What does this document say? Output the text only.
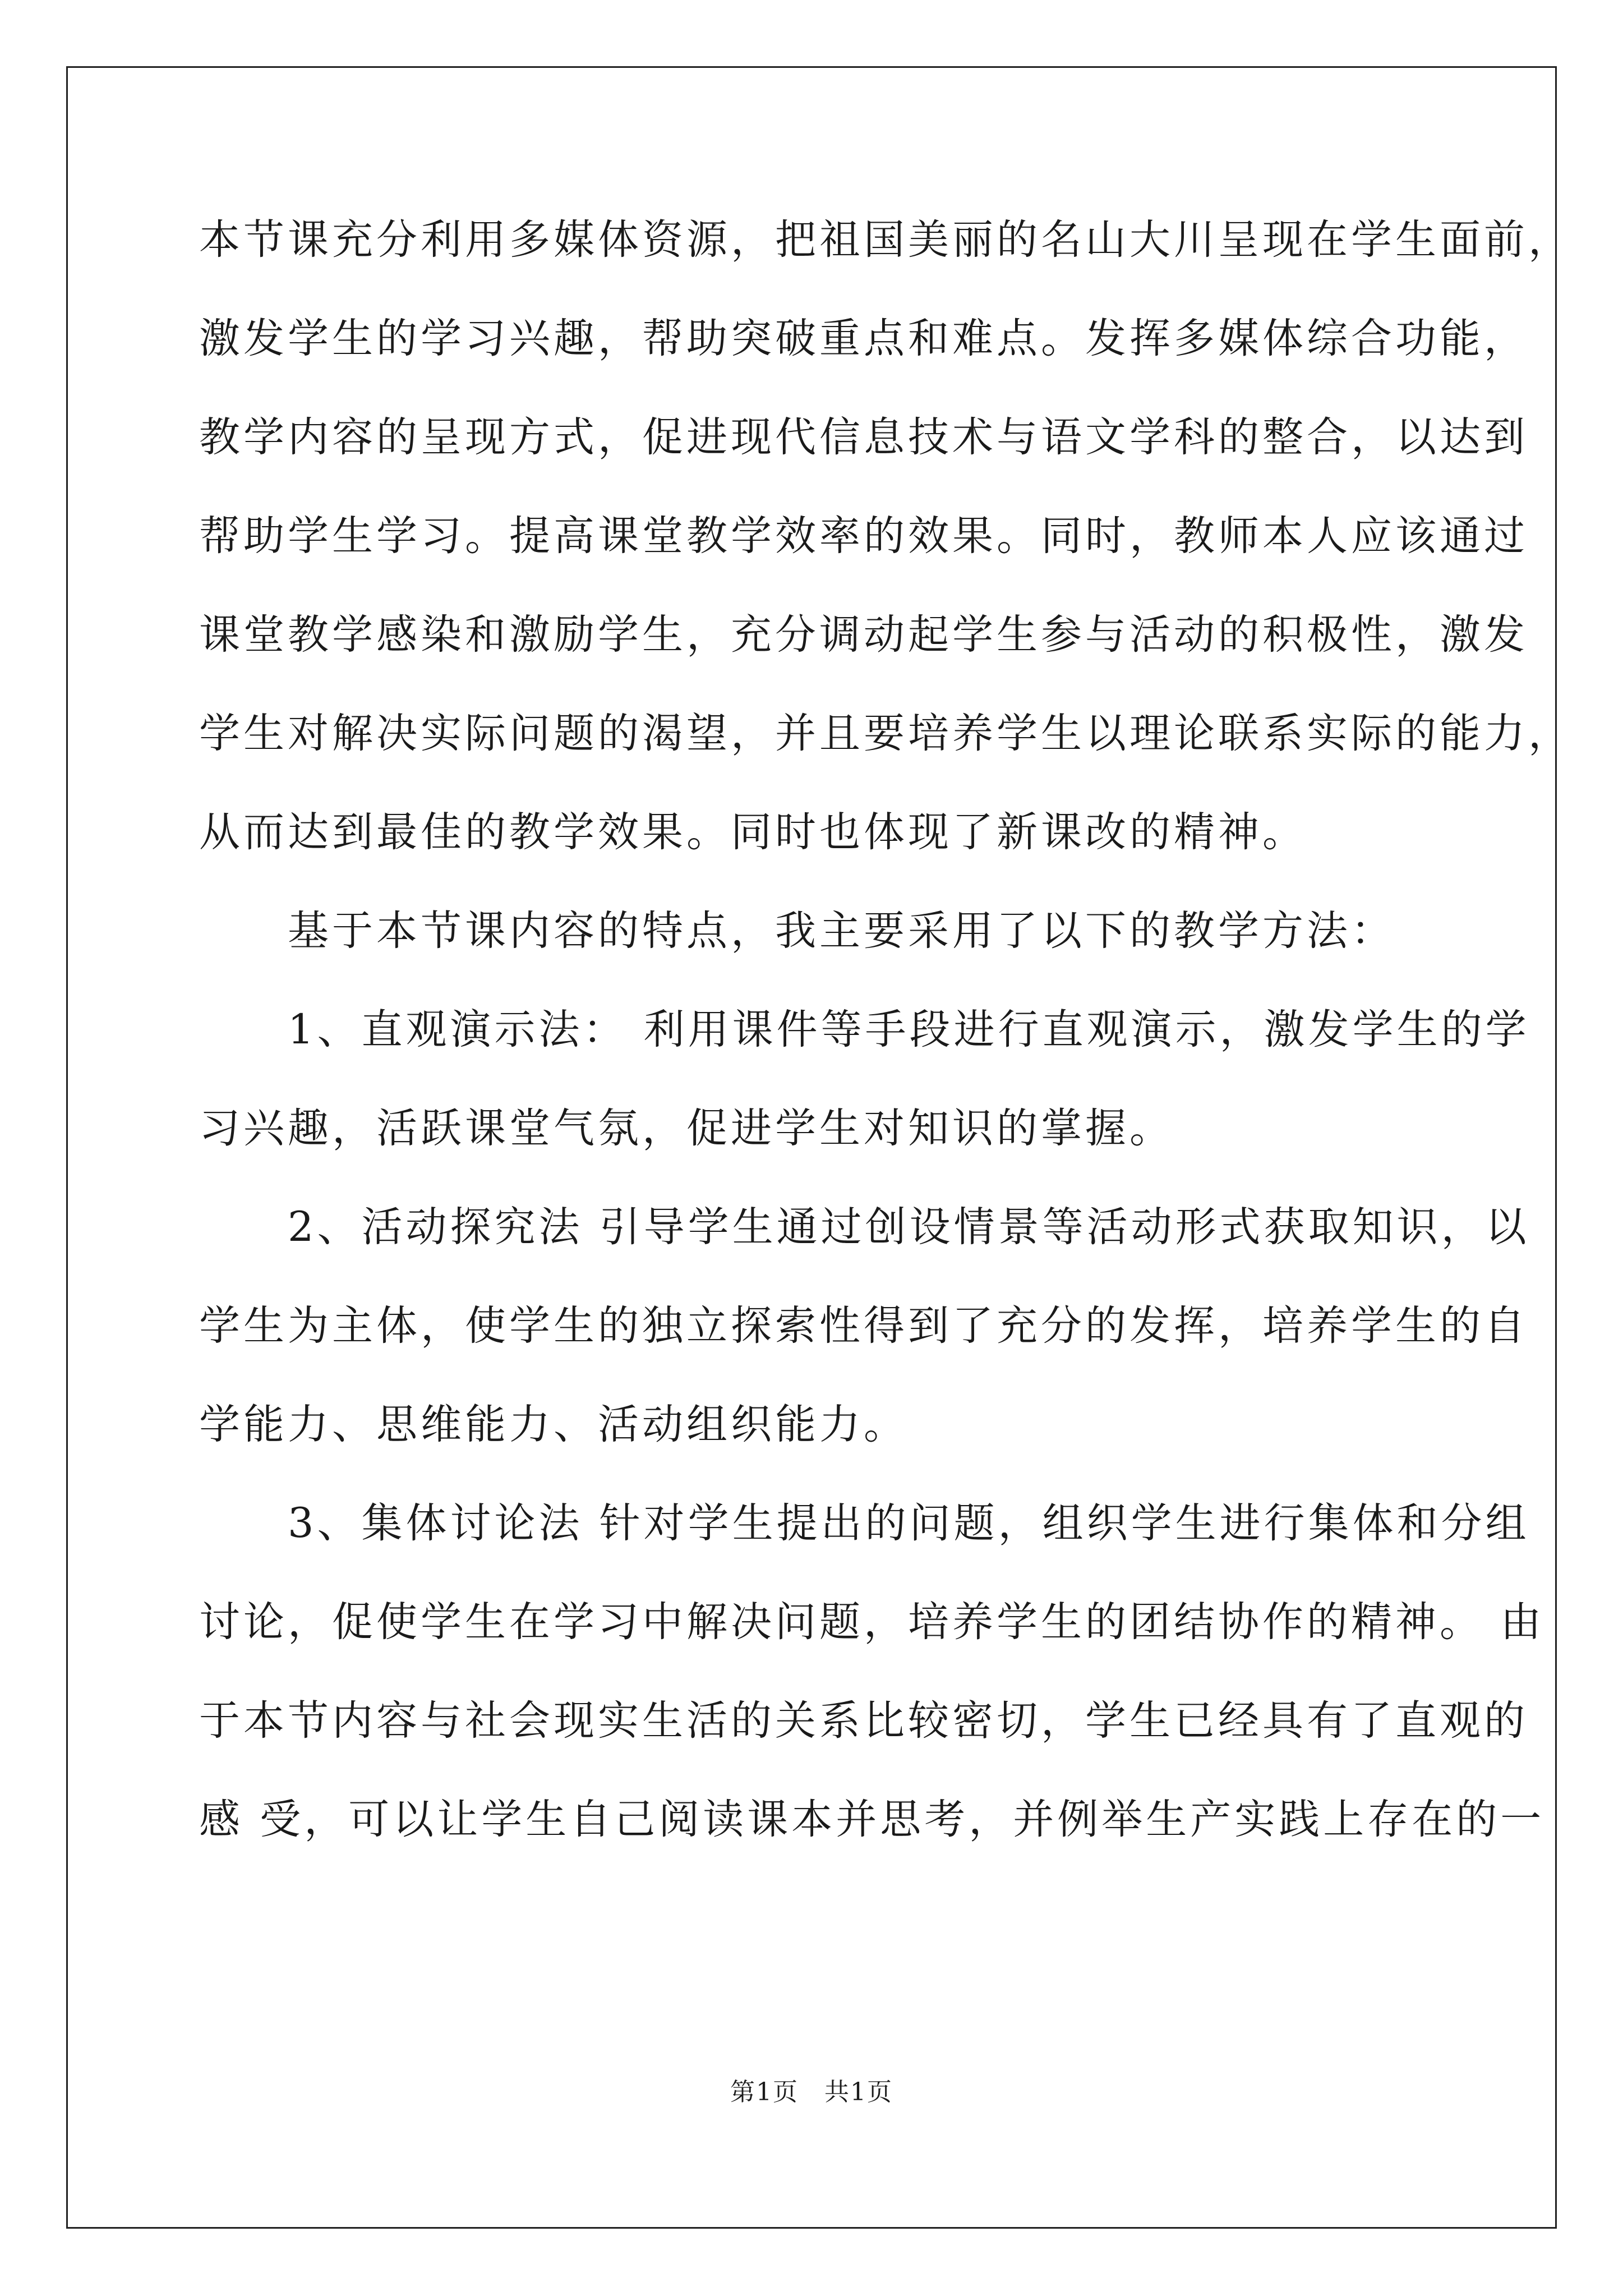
本节课充分利用多媒体资源，把祖国美丽的名山大川呈现在学生面前，
激发学生的学习兴趣，帮助突破重点和难点。发挥多媒体综合功能，
教学内容的呈现方式，促进现代信息技术与语文学科的整合，以达到
帮助学生学习。提高课堂教学效率的效果。同时，教师本人应该通过
课堂教学感染和激励学生，充分调动起学生参与活动的积极性，激发
学生对解决实际问题的渴望，并且要培养学生以理论联系实际的能力，
从而达到最佳的教学效果。同时也体现了新课改的精神。
　　基于本节课内容的特点，我主要采用了以下的教学方法：
　　1、直观演示法： 利用课件等手段进行直观演示，激发学生的学
习兴趣，活跃课堂气氛，促进学生对知识的掌握。
　　2、活动探究法 引导学生通过创设情景等活动形式获取知识，以
学生为主体，使学生的独立探索性得到了充分的发挥，培养学生的自
学能力、思维能力、活动组织能力。
　　3、集体讨论法 针对学生提出的问题，组织学生进行集体和分组
讨论，促使学生在学习中解决问题，培养学生的团结协作的精神。 由
于本节内容与社会现实生活的关系比较密切，学生已经具有了直观的
感 受，可以让学生自己阅读课本并思考，并例举生产实践上存在的一
第1页　共1页
